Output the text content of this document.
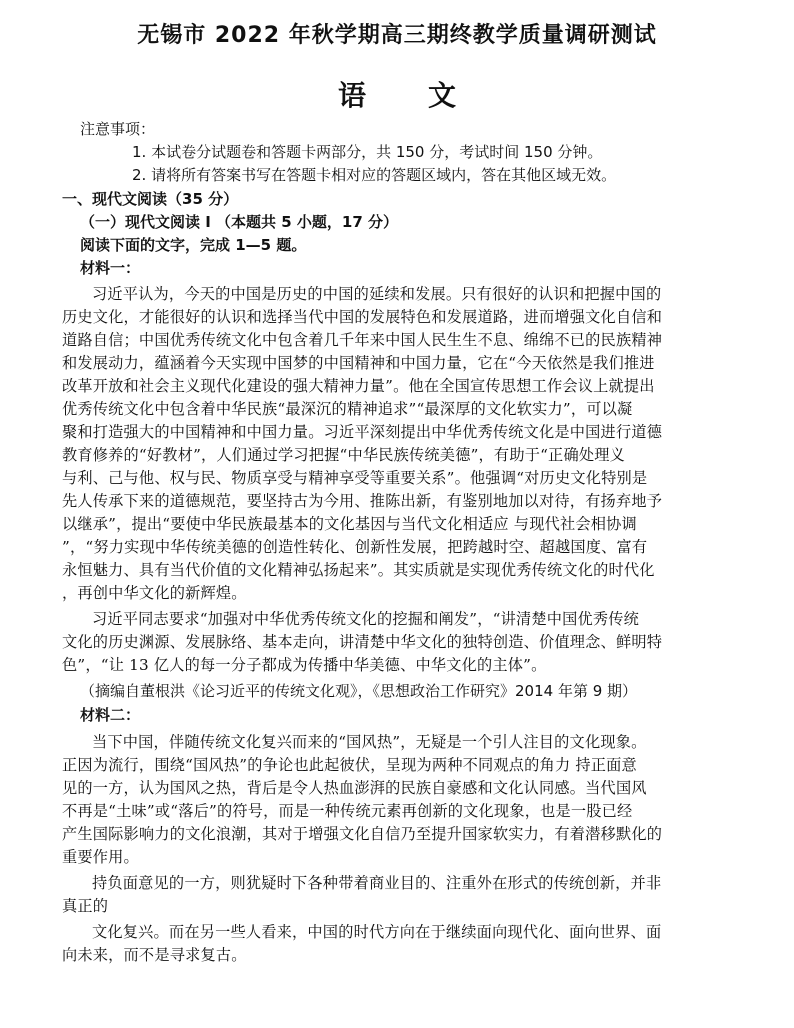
无锡市 2022 年秋学期高三期终教学质量调研测试
语文
注意事项：
1. 本试卷分试题卷和答题卡两部分，共 150 分，考试时间 150 分钟。
2. 请将所有答案书写在答题卡相对应的答题区域内，答在其他区域无效。
一、现代文阅读（35 分）
（一）现代文阅读 I （本题共 5 小题，17 分）
阅读下面的文字，完成 1—5 题。
材料一：
习近平认为，今天的中国是历史的中国的延续和发展。只有很好的认识和把握中国的
历史文化，才能很好的认识和选择当代中国的发展特色和发展道路，进而增强文化自信和
道路自信；中国优秀传统文化中包含着几千年来中国人民生生不息、绵绵不已的民族精神
和发展动力，蕴涵着今天实现中国梦的中国精神和中国力量，它在“今天依然是我们推进
改革开放和社会主义现代化建设的强大精神力量”。他在全国宣传思想工作会议上就提出
优秀传统文化中包含着中华民族“最深沉的精神追求”“最深厚的文化软实力”，可以凝
聚和打造强大的中国精神和中国力量。习近平深刻提出中华优秀传统文化是中国进行道德
教育修养的“好教材”，人们通过学习把握“中华民族传统美德”，有助于“正确处理义
与利、己与他、权与民、物质享受与精神享受等重要关系”。他强调“对历史文化特别是
先人传承下来的道德规范，要坚持古为今用、推陈出新，有鉴别地加以对待，有扬弃地予
以继承”，提出“要使中华民族最基本的文化基因与当代文化相适应 与现代社会相协调
”，“努力实现中华传统美德的创造性转化、创新性发展，把跨越时空、超越国度、富有
永恒魅力、具有当代价值的文化精神弘扬起来”。其实质就是实现优秀传统文化的时代化
，再创中华文化的新辉煌。
习近平同志要求“加强对中华优秀传统文化的挖掘和阐发”，“讲清楚中国优秀传统
文化的历史渊源、发展脉络、基本走向，讲清楚中华文化的独特创造、价值理念、鲜明特
色”，“让 13 亿人的每一分子都成为传播中华美德、中华文化的主体”。
（摘编自董根洪《论习近平的传统文化观》，《思想政治工作研究》2014 年第 9 期）
材料二：
当下中国，伴随传统文化复兴而来的“国风热”，无疑是一个引人注目的文化现象。
正因为流行，围绕“国风热”的争论也此起彼伏，呈现为两种不同观点的角力 持正面意
见的一方，认为国风之热，背后是令人热血澎湃的民族自豪感和文化认同感。当代国风
不再是“土味”或“落后”的符号，而是一种传统元素再创新的文化现象，也是一股已经
产生国际影响力的文化浪潮，其对于增强文化自信乃至提升国家软实力，有着潜移默化的
重要作用。
持负面意见的一方，则犹疑时下各种带着商业目的、注重外在形式的传统创新，并非
真正的
文化复兴。而在另一些人看来，中国的时代方向在于继续面向现代化、面向世界、面
向未来，而不是寻求复古。
